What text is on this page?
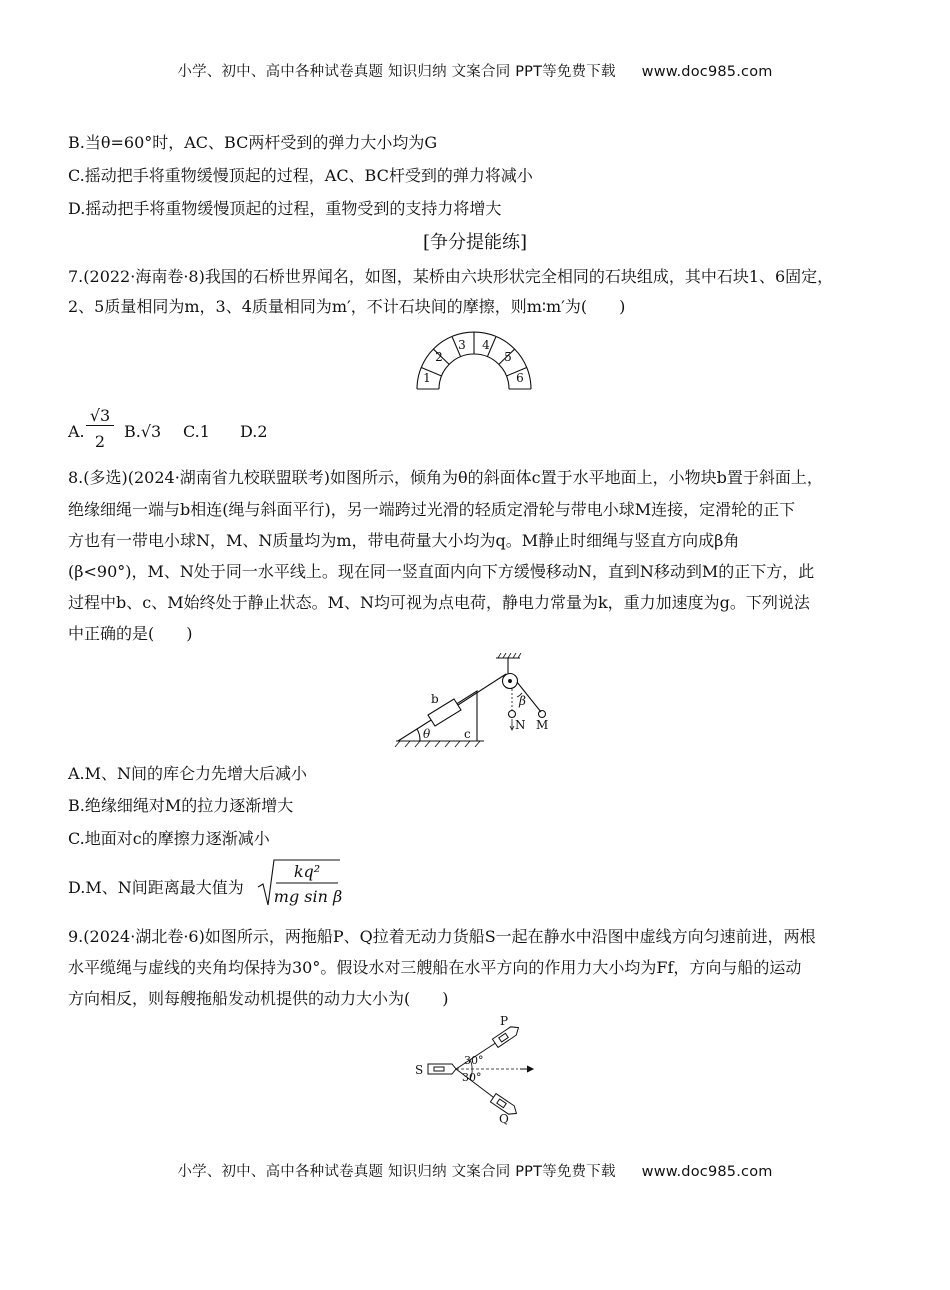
小学、初中、高中各种试卷真题 知识归纳 文案合同 PPT等免费下载 www.doc985.com
B.当θ=60°时，AC、BC两杆受到的弹力大小均为G
C.摇动把手将重物缓慢顶起的过程，AC、BC杆受到的弹力将减小
D.摇动把手将重物缓慢顶起的过程，重物受到的支持力将增大
[争分提能练]
7.(2022·海南卷·8)我国的石桥世界闻名，如图，某桥由六块形状完全相同的石块组成，其中石块1、6固定，
2、5质量相同为m，3、4质量相同为m′，不计石块间的摩擦，则m∶m′为(　　)
1
2
3 4
5
6
A.
√3
2
B.√3 C.1 D.2
8.(多选)(2024·湖南省九校联盟联考)如图所示，倾角为θ的斜面体c置于水平地面上，小物块b置于斜面上，
绝缘细绳一端与b相连(绳与斜面平行)，另一端跨过光滑的轻质定滑轮与带电小球M连接，定滑轮的正下
方也有一带电小球N，M、N质量均为m，带电荷量大小均为q。M静止时细绳与竖直方向成β角
(β<90°)，M、N处于同一水平线上。现在同一竖直面内向下方缓慢移动N，直到N移动到M的正下方，此
过程中b、c、M始终处于静止状态。M、N均可视为点电荷，静电力常量为k，重力加速度为g。下列说法
中正确的是(　　)
b
c
θ
β
N M
A.M、N间的库仑力先增大后减小
B.绝缘细绳对M的拉力逐渐增大
C.地面对c的摩擦力逐渐减小
D.M、N间距离最大值为
kq²
mg sin β
9.(2024·湖北卷·6)如图所示，两拖船P、Q拉着无动力货船S一起在静水中沿图中虚线方向匀速前进，两根
水平缆绳与虚线的夹角均保持为30°。假设水对三艘船在水平方向的作用力大小均为Ff，方向与船的运动
方向相反，则每艘拖船发动机提供的动力大小为(　　)
P
Q
S
30°
30°
小学、初中、高中各种试卷真题 知识归纳 文案合同 PPT等免费下载 www.doc985.com
